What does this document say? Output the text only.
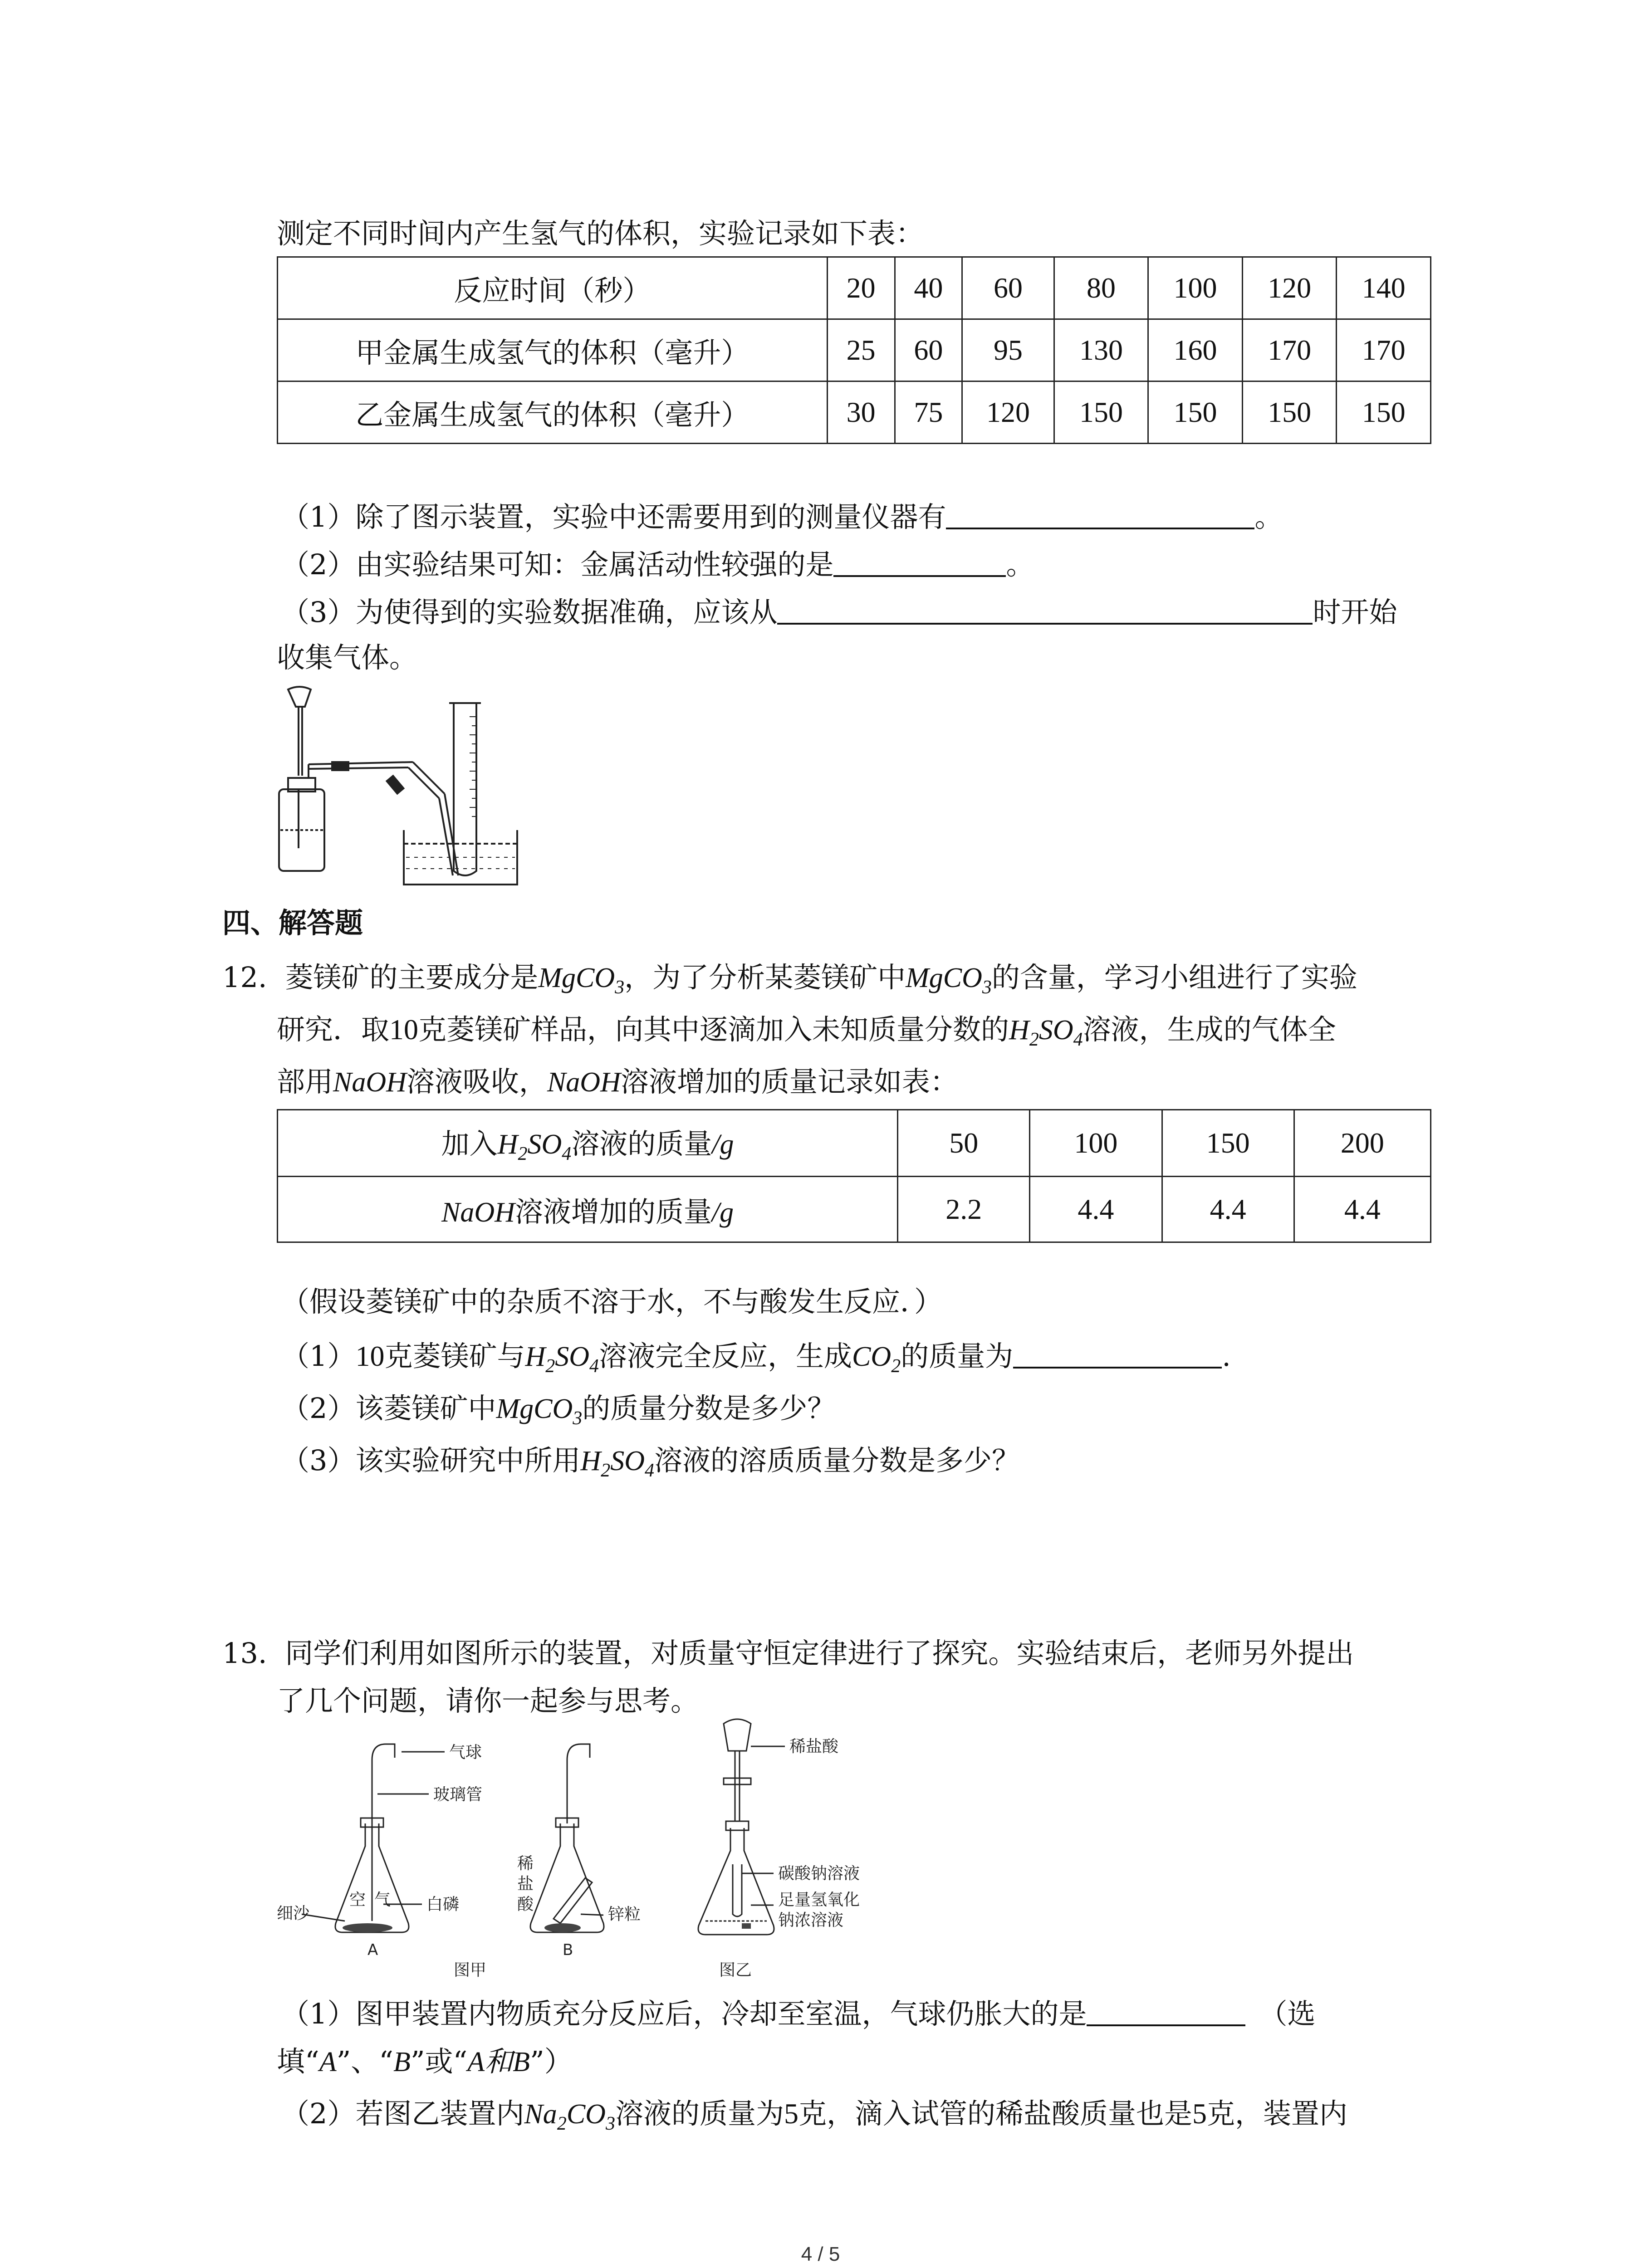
测定不同时间内产生氢气的体积，实验记录如下表：
反应时间（秒）	20	40	60	80	100	120	140
甲金属生成氢气的体积（毫升）	25	60	95	130	160	170	170
乙金属生成氢气的体积（毫升）	30	75	120	150	150	150	150
（1）除了图示装置，实验中还需要用到的测量仪器有	。
（2）由实验结果可知：金属活动性较强的是	。
（3）为使得到的实验数据准确，应该从	时开始
收集气体。
四、解答题
12. 菱镁矿的主要成分是MgCO$_3$，为了分析某菱镁矿中MgCO$_3$的含量，学习小组进行了实验
研究．取10克菱镁矿样品，向其中逐滴加入未知质量分数的$H_2SO_4$溶液，生成的气体全
部用NaOH溶液吸收，NaOH溶液增加的质量记录如表：
加入$H_2SO_4$溶液的质量/g	50	100	150	200
NaOH溶液增加的质量/g	2.2	4.4	4.4	4.4
（假设菱镁矿中的杂质不溶于水，不与酸发生反应．）
（1）10克菱镁矿与$H_2SO_4$溶液完全反应，生成$CO_2$的质量为	.
（2）该菱镁矿中MgCO$_3$的质量分数是多少？
（3）该实验研究中所用$H_2SO_4$溶液的溶质质量分数是多少？
13. 同学们利用如图所示的装置，对质量守恒定律进行了探究。实验结束后，老师另外提出
了几个问题，请你一起参与思考。
气球
玻璃管
白磷
空 气
细沙
A	B
稀
盐
酸
锌粒
图甲
稀盐酸
碳酸钠溶液
足量氢氧化
钠浓溶液
图乙
（1）图甲装置内物质充分反应后，冷却至室温，气球仍胀大的是	（选
填“A”、“B”或“A和B”）
（2）若图乙装置内$Na_2CO_3$溶液的质量为5克，滴入试管的稀盐酸质量也是5克，装置内
4 / 5
